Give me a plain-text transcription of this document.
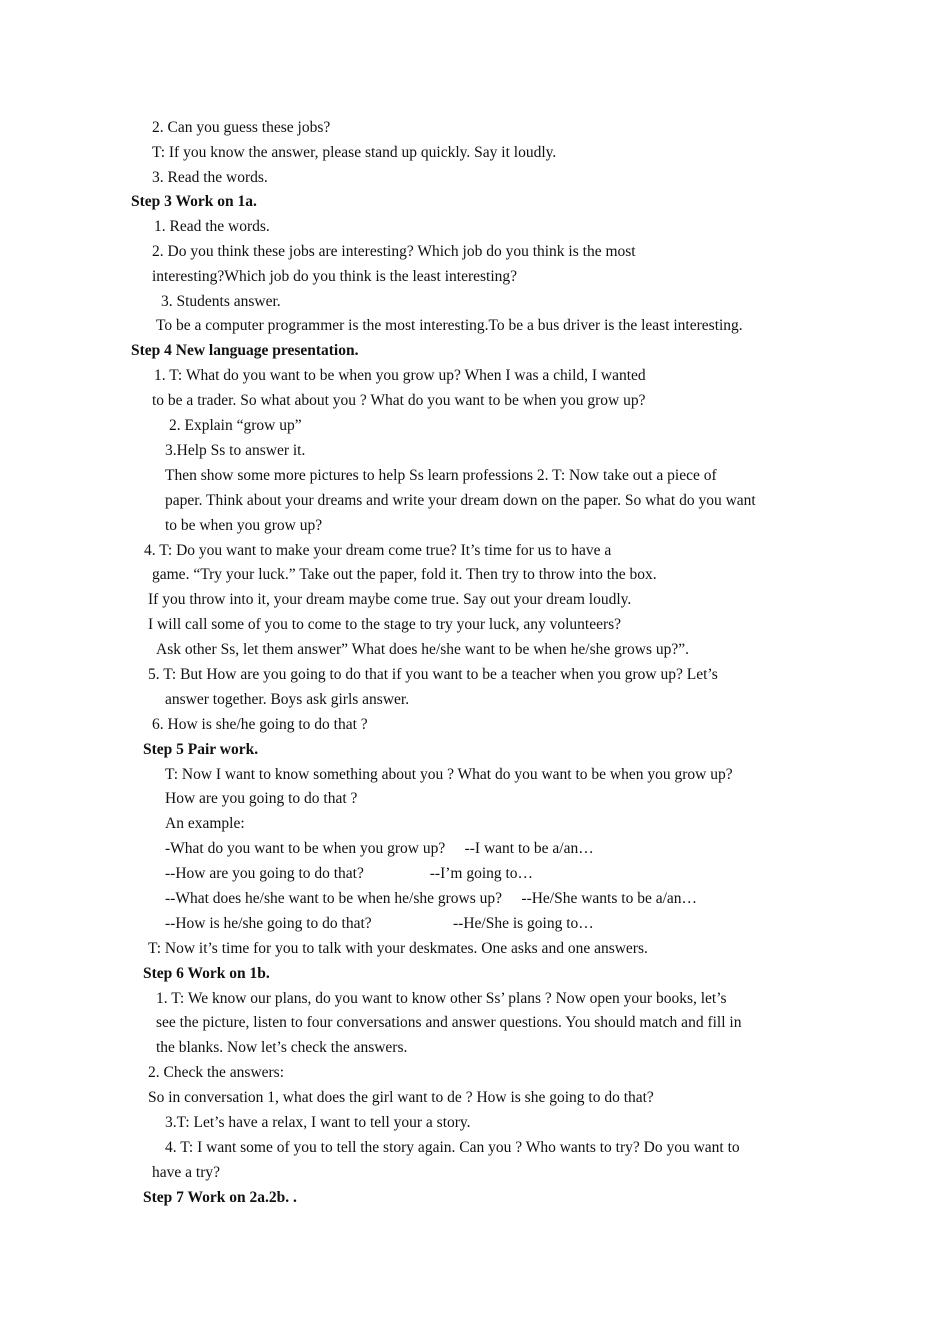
2. Can you guess these jobs?
T: If you know the answer, please stand up quickly. Say it loudly.
3. Read the words.
Step 3 Work on 1a.
1. Read the words.
2. Do you think these jobs are interesting? Which job do you think is the most
interesting?Which job do you think is the least interesting?
3. Students answer.
To be a computer programmer is the most interesting.To be a bus driver is the least interesting.
Step 4 New language presentation.
1. T: What do you want to be when you grow up? When I was a child, I wanted
to be a trader. So what about you ? What do you want to be when you grow up?
2. Explain “grow up”
3.Help Ss to answer it.
Then show some more pictures to help Ss learn professions 2. T: Now take out a piece of
paper. Think about your dreams and write your dream down on the paper. So what do you want
to be when you grow up?
4. T: Do you want to make your dream come true? It’s time for us to have a
game. “Try your luck.” Take out the paper, fold it. Then try to throw into the box.
If you throw into it, your dream maybe come true. Say out your dream loudly.
I will call some of you to come to the stage to try your luck, any volunteers?
Ask other Ss, let them answer” What does he/she want to be when he/she grows up?”.
5. T: But How are you going to do that if you want to be a teacher when you grow up? Let’s
answer together. Boys ask girls answer.
6. How is she/he going to do that ?
Step 5 Pair work.
T: Now I want to know something about you ? What do you want to be when you grow up?
How are you going to do that ?
An example:
-What do you want to be when you grow up?     --I want to be a/an…
--How are you going to do that?                 --I’m going to…
--What does he/she want to be when he/she grows up?     --He/She wants to be a/an…
--How is he/she going to do that?                     --He/She is going to…
T: Now it’s time for you to talk with your deskmates. One asks and one answers.
Step 6 Work on 1b.
1. T: We know our plans, do you want to know other Ss’ plans ? Now open your books, let’s
see the picture, listen to four conversations and answer questions. You should match and fill in
the blanks. Now let’s check the answers.
2. Check the answers:
So in conversation 1, what does the girl want to de ? How is she going to do that?
3.T: Let’s have a relax, I want to tell your a story.
4. T: I want some of you to tell the story again. Can you ? Who wants to try? Do you want to
have a try?
Step 7 Work on 2a.2b. .
